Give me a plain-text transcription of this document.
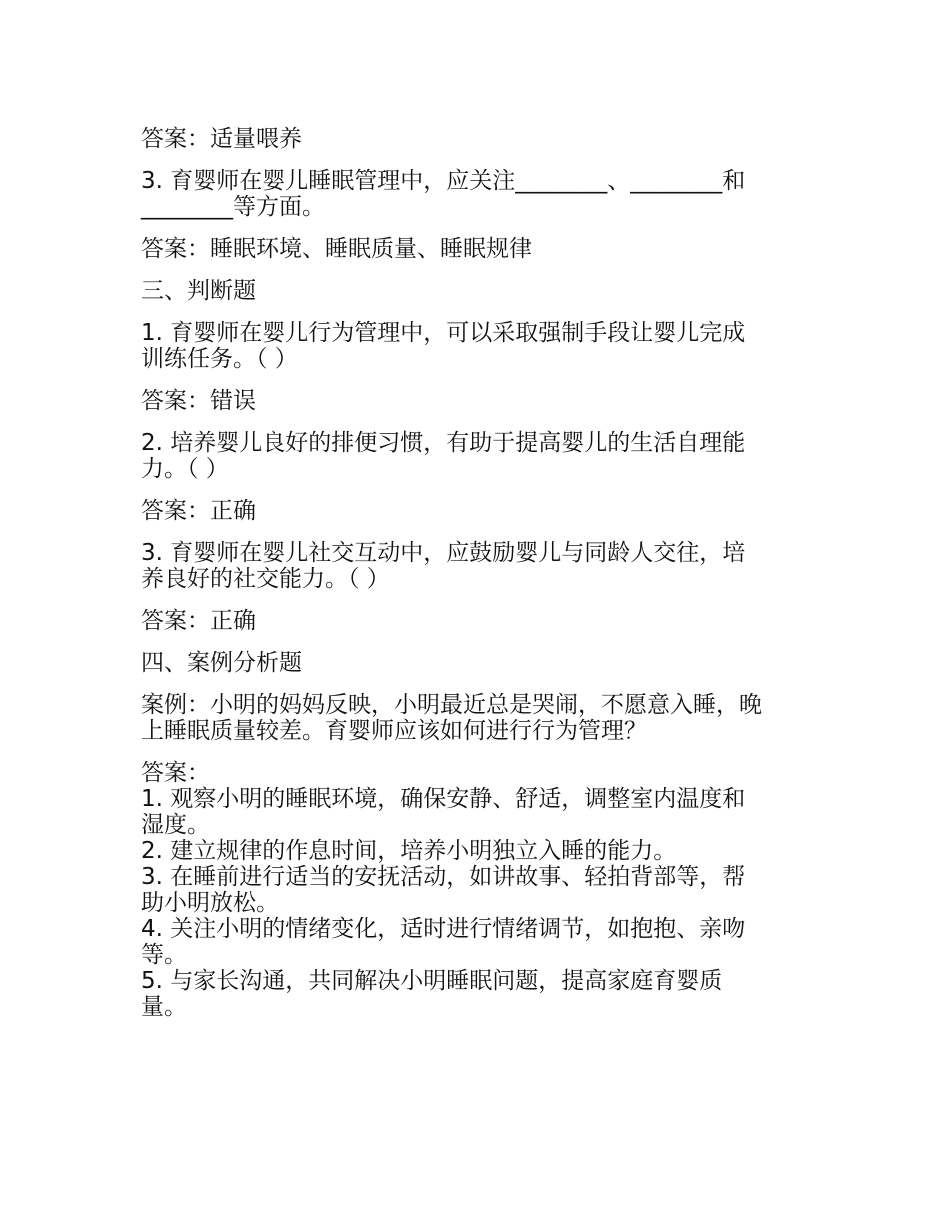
答案：适量喂养

3. 育婴师在婴儿睡眠管理中，应关注________、________和

________等方面。

答案：睡眠环境、睡眠质量、睡眠规律

三、判断题

1. 育婴师在婴儿行为管理中，可以采取强制手段让婴儿完成

训练任务。（ ）

答案：错误

2. 培养婴儿良好的排便习惯，有助于提高婴儿的生活自理能

力。（ ）

答案：正确

3. 育婴师在婴儿社交互动中，应鼓励婴儿与同龄人交往，培

养良好的社交能力。（ ）

答案：正确

四、案例分析题

案例：小明的妈妈反映，小明最近总是哭闹，不愿意入睡，晚

上睡眠质量较差。育婴师应该如何进行行为管理？

答案：

1. 观察小明的睡眠环境，确保安静、舒适，调整室内温度和

湿度。

2. 建立规律的作息时间，培养小明独立入睡的能力。

3. 在睡前进行适当的安抚活动，如讲故事、轻拍背部等，帮

助小明放松。

4. 关注小明的情绪变化，适时进行情绪调节，如抱抱、亲吻

等。

5. 与家长沟通，共同解决小明睡眠问题，提高家庭育婴质

量。
